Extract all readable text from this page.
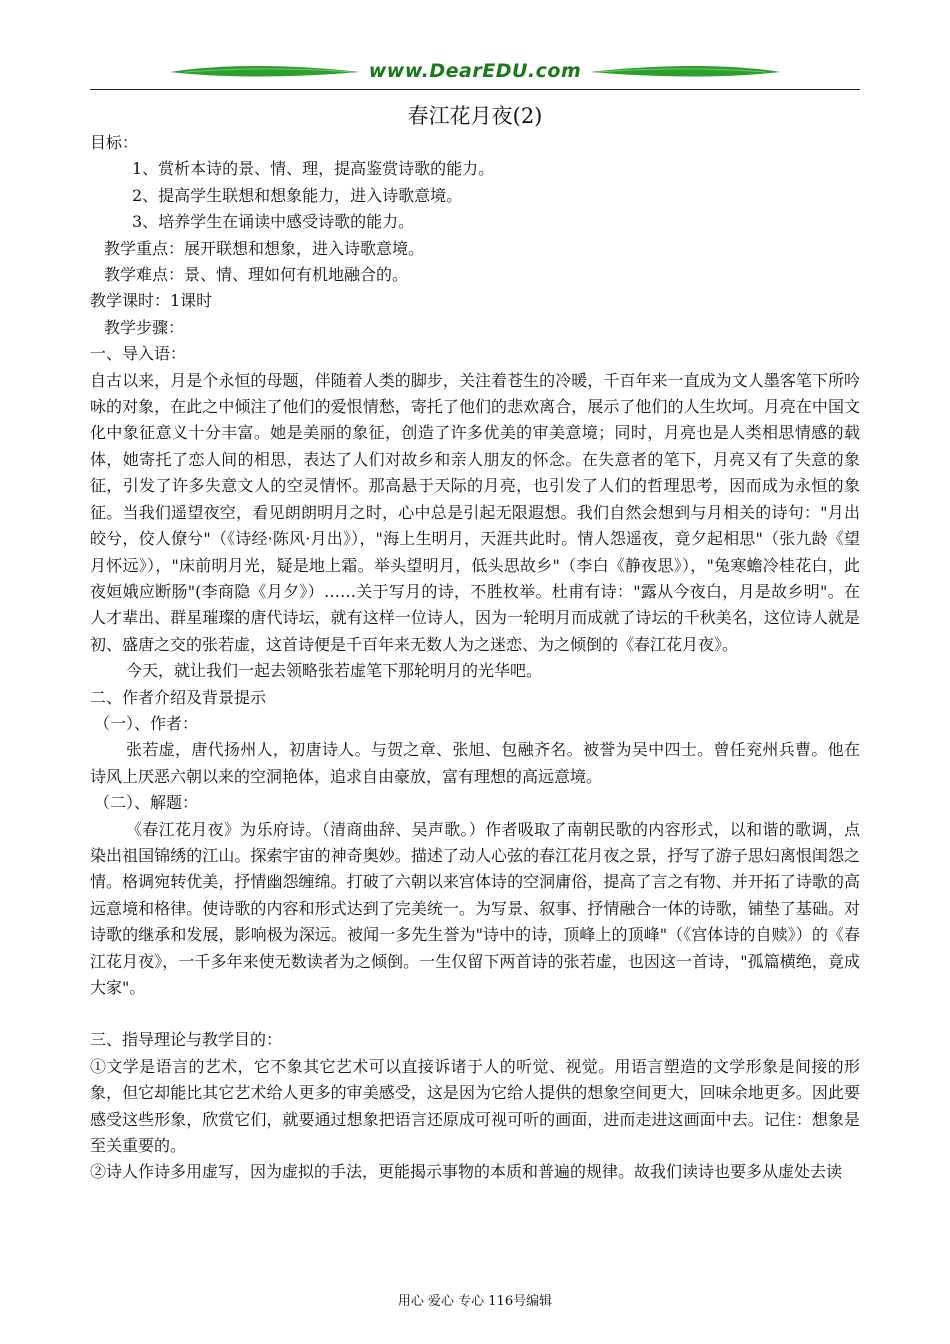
www.DearEDU.com
春江花月夜(2)

目标：

1、赏析本诗的景、情、理，提高鉴赏诗歌的能力。

2、提高学生联想和想象能力，进入诗歌意境。

3、培养学生在诵读中感受诗歌的能力。

教学重点：展开联想和想象，进入诗歌意境。

教学难点：景、情、理如何有机地融合的。

教学课时：1课时

教学步骤：

一、导入语：

自古以来，月是个永恒的母题，伴随着人类的脚步，关注着苍生的冷暖，千百年来一直成为文人墨客笔下所吟咏的对象，在此之中倾注了他们的爱恨情愁，寄托了他们的悲欢离合，展示了他们的人生坎坷。月亮在中国文化中象征意义十分丰富。她是美丽的象征，创造了许多优美的审美意境；同时，月亮也是人类相思情感的载体，她寄托了恋人间的相思，表达了人们对故乡和亲人朋友的怀念。在失意者的笔下，月亮又有了失意的象征，引发了许多失意文人的空灵情怀。那高悬于天际的月亮，也引发了人们的哲理思考，因而成为永恒的象征。当我们遥望夜空，看见朗朗明月之时，心中总是引起无限遐想。我们自然会想到与月相关的诗句："月出皎兮，佼人僚兮"（《诗经·陈风·月出》），"海上生明月，天涯共此时。情人怨遥夜，竟夕起相思"（张九龄《望月怀远》），"床前明月光，疑是地上霜。举头望明月，低头思故乡"（李白《静夜思》），"兔寒蟾冷桂花白，此夜姮娥应断肠"(李商隐《月夕》）……关于写月的诗，不胜枚举。杜甫有诗："露从今夜白，月是故乡明"。在人才辈出、群星璀璨的唐代诗坛，就有这样一位诗人，因为一轮明月而成就了诗坛的千秋美名，这位诗人就是初、盛唐之交的张若虚，这首诗便是千百年来无数人为之迷恋、为之倾倒的《春江花月夜》。

今天，就让我们一起去领略张若虚笔下那轮明月的光华吧。

二、作者介绍及背景提示

（一）、作者：

张若虚，唐代扬州人，初唐诗人。与贺之章、张旭、包融齐名。被誉为吴中四士。曾任兖州兵曹。他在诗风上厌恶六朝以来的空洞艳体，追求自由豪放，富有理想的高远意境。

（二）、解题：

《春江花月夜》为乐府诗。（清商曲辞、吴声歌。）作者吸取了南朝民歌的内容形式，以和谐的歌调，点染出祖国锦绣的江山。探索宇宙的神奇奥妙。描述了动人心弦的春江花月夜之景，抒写了游子思妇离恨闺怨之情。格调宛转优美，抒情幽怨缠绵。打破了六朝以来宫体诗的空洞庸俗，提高了言之有物、并开拓了诗歌的高远意境和格律。使诗歌的内容和形式达到了完美统一。为写景、叙事、抒情融合一体的诗歌，铺垫了基础。对诗歌的继承和发展，影响极为深远。被闻一多先生誉为"诗中的诗，顶峰上的顶峰"（《宫体诗的自赎》）的《春江花月夜》，一千多年来使无数读者为之倾倒。一生仅留下两首诗的张若虚，也因这一首诗，"孤篇横绝，竟成大家"。

三、指导理论与教学目的：

①文学是语言的艺术，它不象其它艺术可以直接诉诸于人的听觉、视觉。用语言塑造的文学形象是间接的形象，但它却能比其它艺术给人更多的审美感受，这是因为它给人提供的想象空间更大，回味余地更多。因此要感受这些形象，欣赏它们，就要通过想象把语言还原成可视可听的画面，进而走进这画面中去。记住：想象是至关重要的。

②诗人作诗多用虚写，因为虚拟的手法，更能揭示事物的本质和普遍的规律。故我们读诗也要多从虚处去读

用心 爱心 专心 116号编辑
